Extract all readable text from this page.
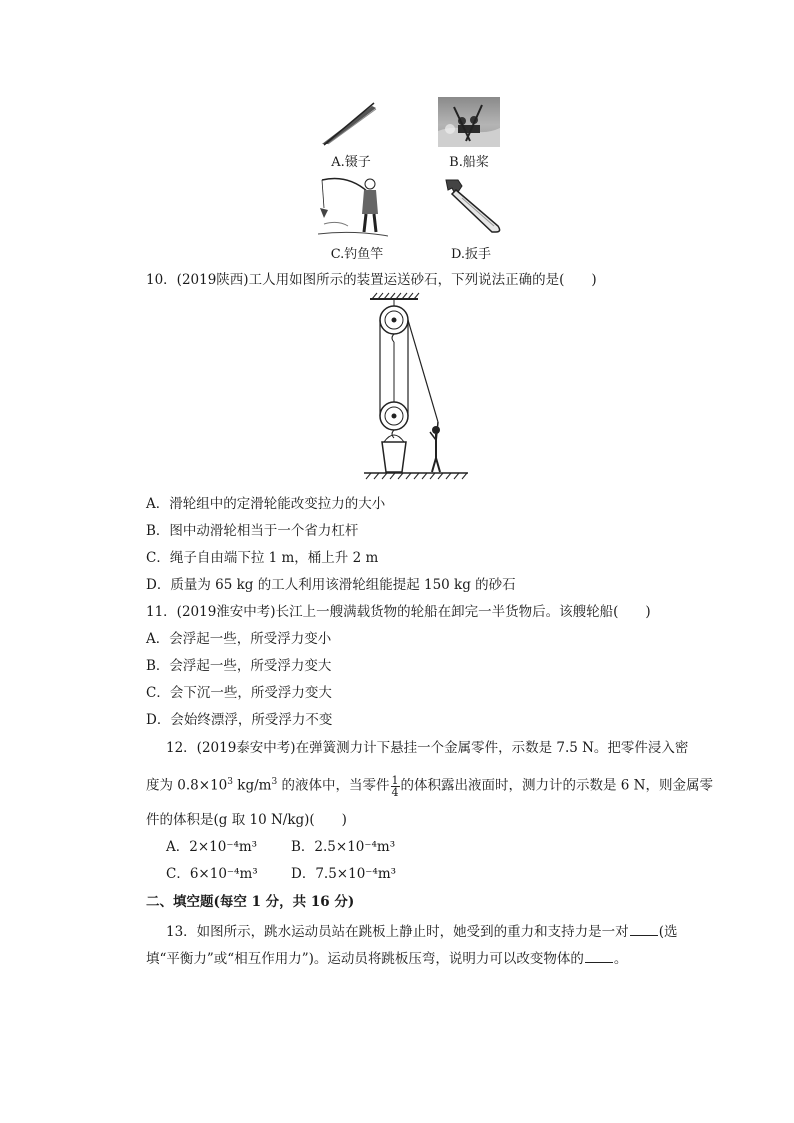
A.镊子	B.船桨
C.钓鱼竿	D.扳手
10．(2019陕西)工人用如图所示的装置运送砂石，下列说法正确的是(　　)
A．滑轮组中的定滑轮能改变拉力的大小
B．图中动滑轮相当于一个省力杠杆
C．绳子自由端下拉 1 m，桶上升 2 m
D．质量为 65 kg 的工人利用该滑轮组能提起 150 kg 的砂石
11．(2019淮安中考)长江上一艘满载货物的轮船在卸完一半货物后。该艘轮船(　　)
A．会浮起一些，所受浮力变小
B．会浮起一些，所受浮力变大
C．会下沉一些，所受浮力变大
D．会始终漂浮，所受浮力不变
12．(2019泰安中考)在弹簧测力计下悬挂一个金属零件，示数是 7.5 N。把零件浸入密
度为 $0.8\times 10^3$ $kg/m^3$ 的液体中，当零件 $\frac{1}{4}$ 的体积露出液面时，测力计的示数是 6 N，则金属零
件的体积是(g 取 10 N/kg)(　　)
A．2×10⁻⁴m³	B．2.5×10⁻⁴m³
C．6×10⁻⁴m³ D．7.5×10⁻⁴m³
二、填空题(每空 1 分，共 16 分)
13．如图所示，跳水运动员站在跳板上静止时，她受到的重力和支持力是一对 (选
填“平衡力”或“相互作用力”)。运动员将跳板压弯，说明力可以改变物体的 。
